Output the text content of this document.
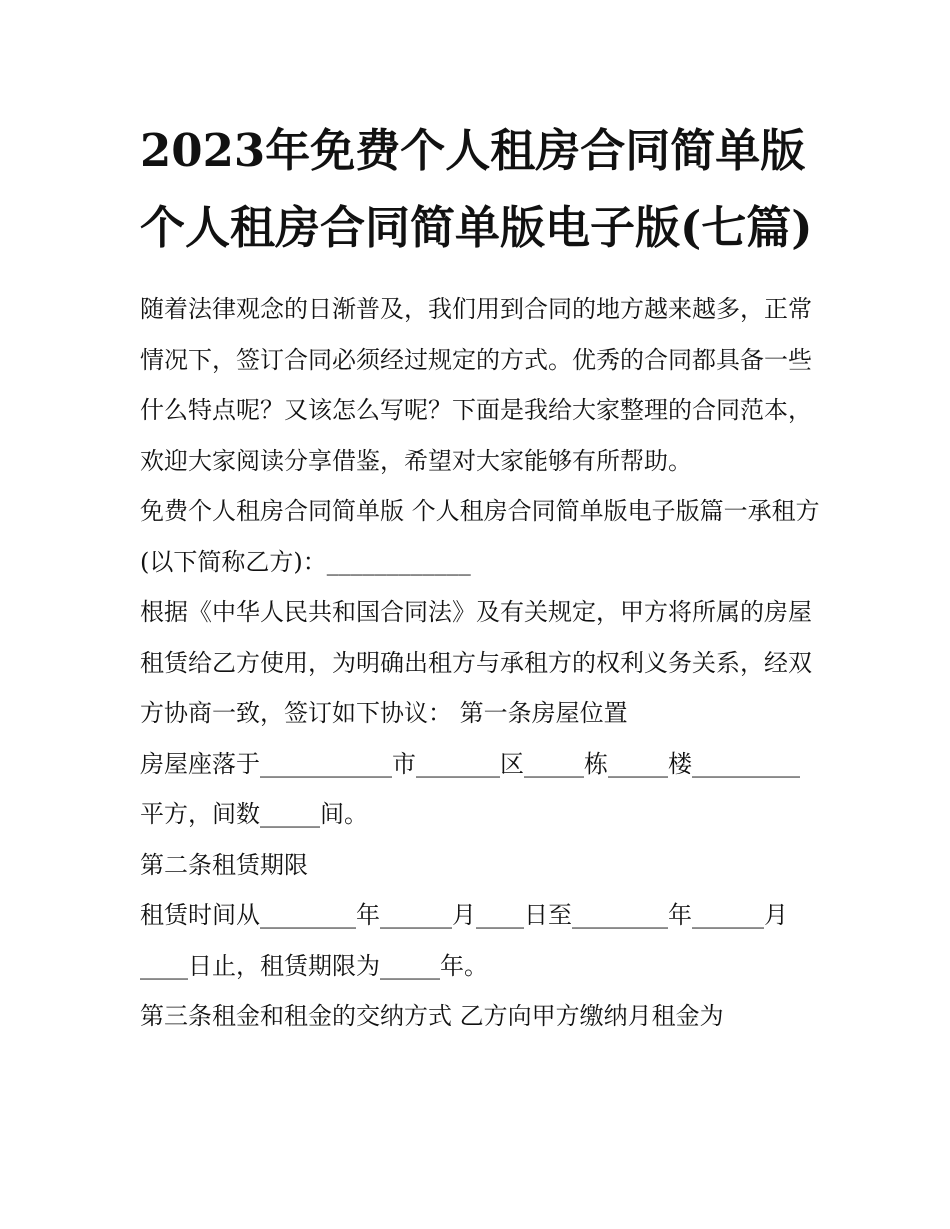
2023年免费个人租房合同简单版 个人租房合同简单版电子版(七篇)

随着法律观念的日渐普及，我们用到合同的地方越来越多，正常情况下，签订合同必须经过规定的方式。优秀的合同都具备一些什么特点呢？又该怎么写呢？下面是我给大家整理的合同范本，欢迎大家阅读分享借鉴，希望对大家能够有所帮助。

免费个人租房合同简单版 个人租房合同简单版电子版篇一承租方(以下简称乙方)：____________

根据《中华人民共和国合同法》及有关规定，甲方将所属的房屋租赁给乙方使用，为明确出租方与承租方的权利义务关系，经双方协商一致，签订如下协议： 第一条房屋位置

房屋座落于___________市_______区_____栋_____楼_________平方，间数_____间。

第二条租赁期限

租赁时间从________年______月____日至________年______月____日止，租赁期限为_____年。

第三条租金和租金的交纳方式 乙方向甲方缴纳月租金为
